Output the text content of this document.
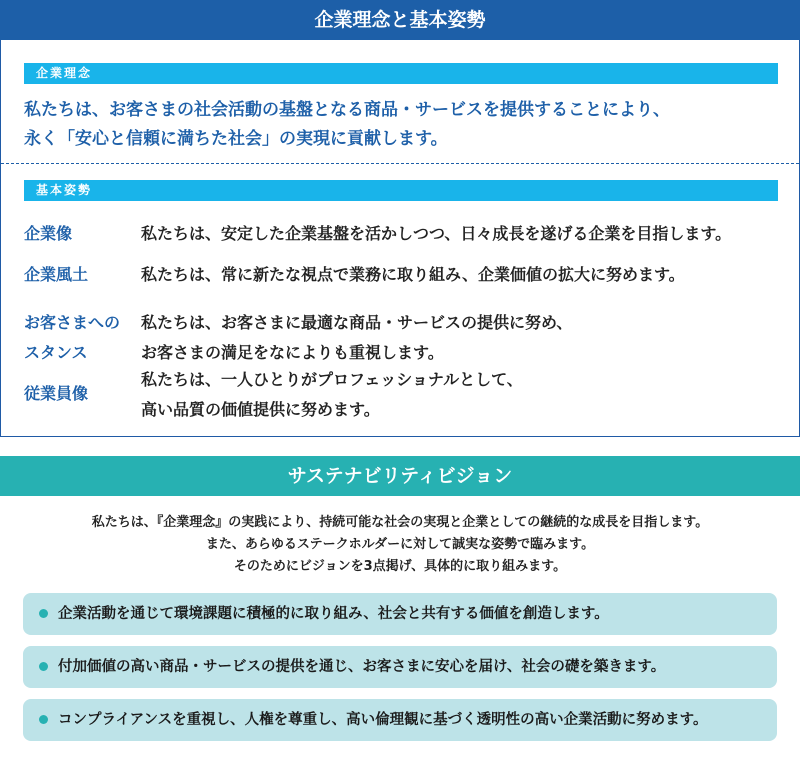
企業理念と基本姿勢
企業理念
私たちは、お客さまの社会活動の基盤となる商品・サービスを提供することにより、
永く「安心と信頼に満ちた社会」の実現に貢献します。
基本姿勢
企業像	私たちは、安定した企業基盤を活かしつつ、日々成長を遂げる企業を目指します。
企業風土	私たちは、常に新たな視点で業務に取り組み、企業価値の拡大に努めます。
お客さまへの
スタンス
私たちは、お客さまに最適な商品・サービスの提供に努め、
お客さまの満足をなによりも重視します。
従業員像
私たちは、一人ひとりがプロフェッショナルとして、
高い品質の価値提供に努めます。
サステナビリティビジョン
私たちは、『企業理念』の実践により、持続可能な社会の実現と企業としての継続的な成長を目指します。
また、あらゆるステークホルダーに対して誠実な姿勢で臨みます。
そのためにビジョンを3点掲げ、具体的に取り組みます。
企業活動を通じて環境課題に積極的に取り組み、社会と共有する価値を創造します。
付加価値の高い商品・サービスの提供を通じ、お客さまに安心を届け、社会の礎を築きます。
コンプライアンスを重視し、人権を尊重し、高い倫理観に基づく透明性の高い企業活動に努めます。
